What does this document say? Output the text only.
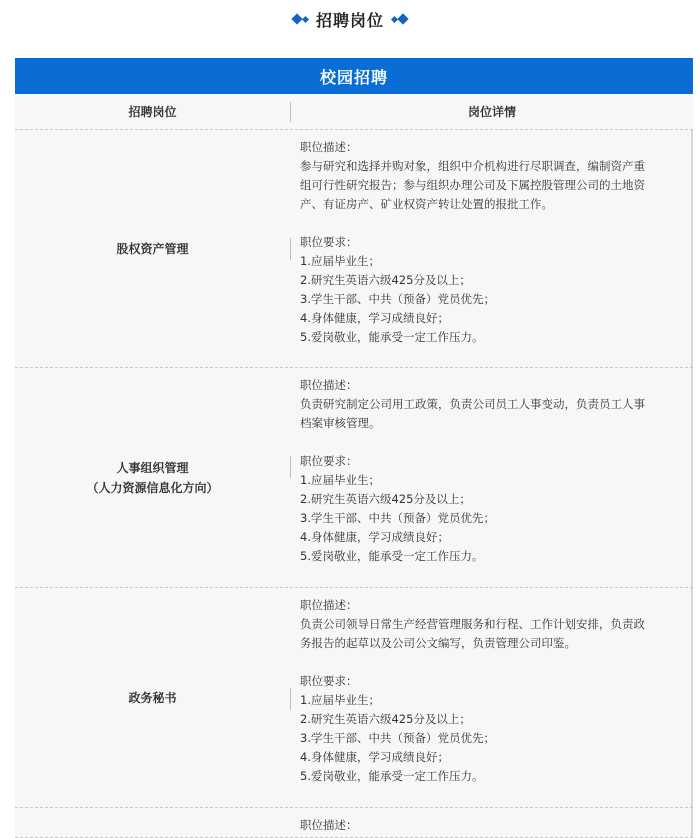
招聘岗位
校园招聘
招聘岗位	岗位详情
股权资产管理

职位描述：

参与研究和选择并购对象，组织中介机构进行尽职调查，编制资产重

组可行性研究报告；参与组织办理公司及下属控股管理公司的土地资

产、有证房产、矿业权资产转让处置的报批工作。

职位要求：

1.应届毕业生；

2.研究生英语六级425分及以上；

3.学生干部、中共（预备）党员优先；

4.身体健康，学习成绩良好；

5.爱岗敬业，能承受一定工作压力。

人事组织管理
（人力资源信息化方向）

职位描述：

负责研究制定公司用工政策，负责公司员工人事变动，负责员工人事

档案审核管理。

职位要求：

1.应届毕业生；

2.研究生英语六级425分及以上；

3.学生干部、中共（预备）党员优先；

4.身体健康，学习成绩良好；

5.爱岗敬业，能承受一定工作压力。

政务秘书

职位描述：

负责公司领导日常生产经营管理服务和行程、工作计划安排，负责政

务报告的起草以及公司公文编写，负责管理公司印鉴。

职位要求：

1.应届毕业生；

2.研究生英语六级425分及以上；

3.学生干部、中共（预备）党员优先；

4.身体健康，学习成绩良好；

5.爱岗敬业，能承受一定工作压力。

职位描述：
